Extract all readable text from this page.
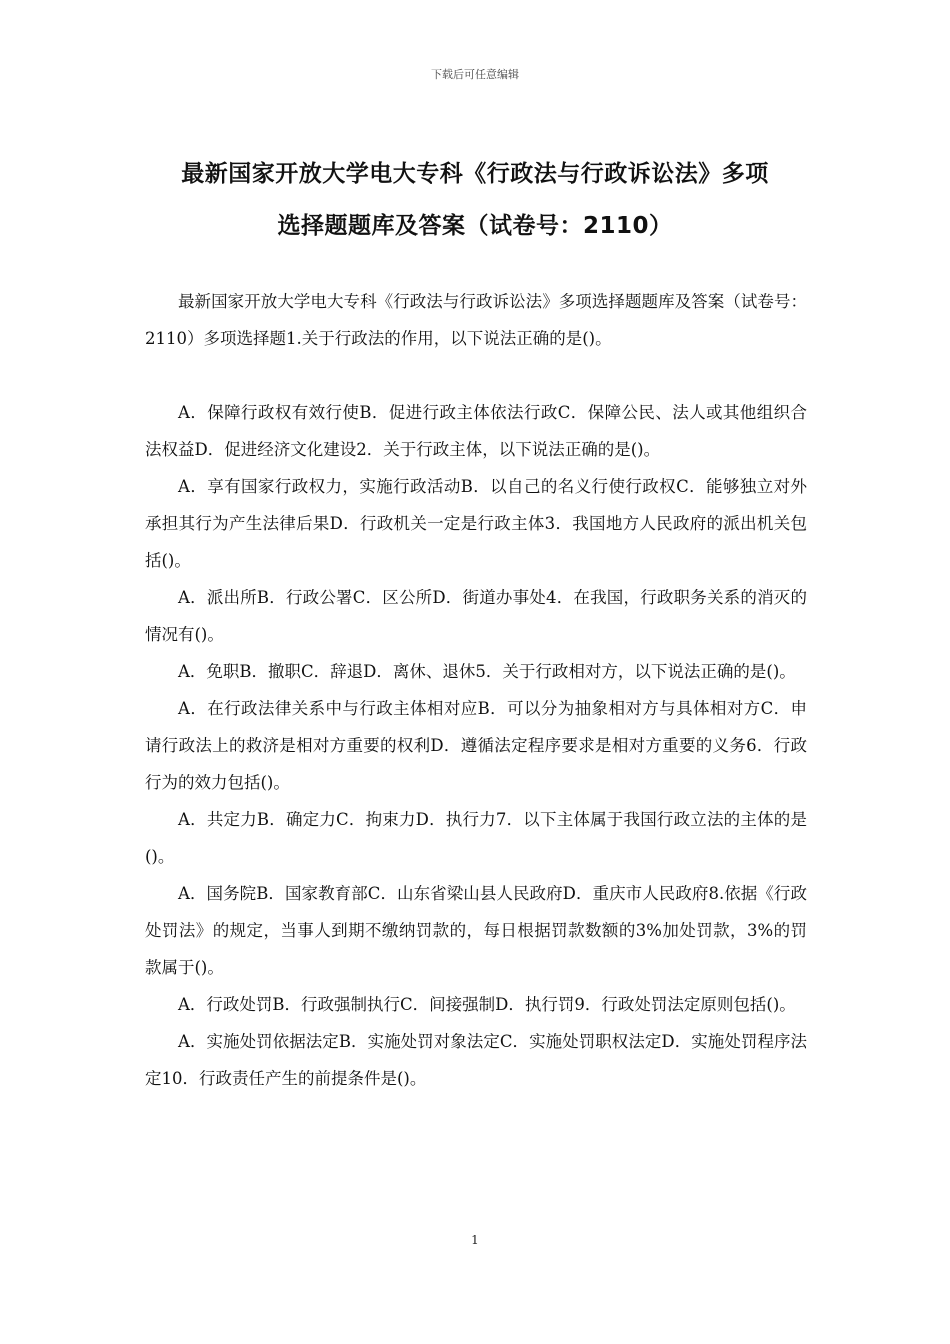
下载后可任意编辑
最新国家开放大学电大专科《行政法与行政诉讼法》多项
选择题题库及答案（试卷号：2110）

最新国家开放大学电大专科《行政法与行政诉讼法》多项选择题题库及答案（试卷号：2110）多项选择题1.关于行政法的作用，以下说法正确的是()。

A．保障行政权有效行使B．促进行政主体依法行政C．保障公民、法人或其他组织合法权益D．促进经济文化建设2．关于行政主体，以下说法正确的是()。

A．享有国家行政权力，实施行政活动B．以自己的名义行使行政权C．能够独立对外承担其行为产生法律后果D．行政机关一定是行政主体3．我国地方人民政府的派出机关包括()。

A．派出所B．行政公署C．区公所D．街道办事处4．在我国，行政职务关系的消灭的情况有()。

A．免职B．撤职C．辞退D．离休、退休5．关于行政相对方，以下说法正确的是()。

A．在行政法律关系中与行政主体相对应B．可以分为抽象相对方与具体相对方C．申请行政法上的救济是相对方重要的权利D．遵循法定程序要求是相对方重要的义务6．行政行为的效力包括()。

A．共定力B．确定力C．拘束力D．执行力7．以下主体属于我国行政立法的主体的是()。

A．国务院B．国家教育部C．山东省梁山县人民政府D．重庆市人民政府8.依据《行政处罚法》的规定，当事人到期不缴纳罚款的，每日根据罚款数额的3%加处罚款，3%的罚款属于()。

A．行政处罚B．行政强制执行C．间接强制D．执行罚9．行政处罚法定原则包括()。

A．实施处罚依据法定B．实施处罚对象法定C．实施处罚职权法定D．实施处罚程序法定10．行政责任产生的前提条件是()。

1
